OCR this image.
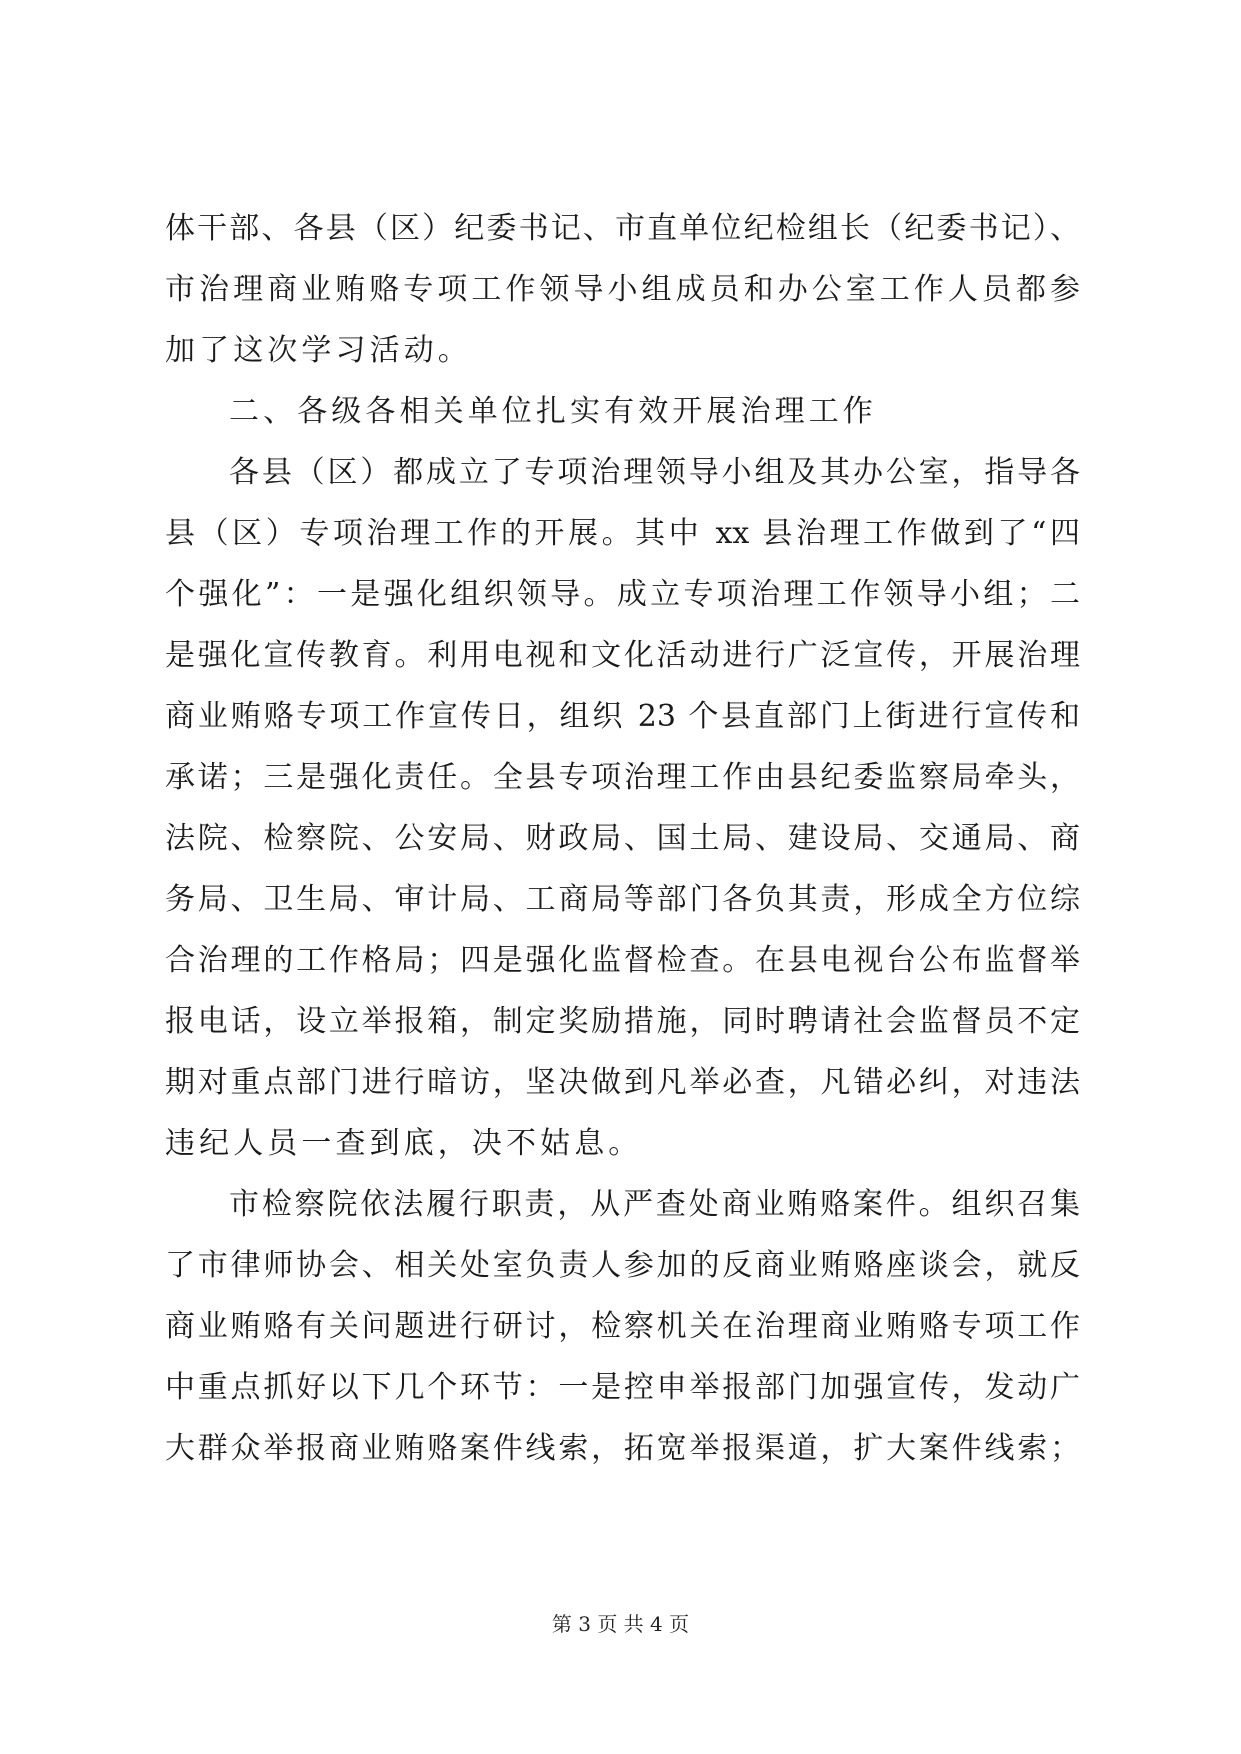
体干部、各县（区）纪委书记、市直单位纪检组长（纪委书记）、
市治理商业贿赂专项工作领导小组成员和办公室工作人员都参
加了这次学习活动。
二、各级各相关单位扎实有效开展治理工作
各县（区）都成立了专项治理领导小组及其办公室，指导各
县（区）专项治理工作的开展。其中 xx 县治理工作做到了“四
个强化”：一是强化组织领导。成立专项治理工作领导小组；二
是强化宣传教育。利用电视和文化活动进行广泛宣传，开展治理
商业贿赂专项工作宣传日，组织 23 个县直部门上街进行宣传和
承诺；三是强化责任。全县专项治理工作由县纪委监察局牵头，
法院、检察院、公安局、财政局、国土局、建设局、交通局、商
务局、卫生局、审计局、工商局等部门各负其责，形成全方位综
合治理的工作格局；四是强化监督检查。在县电视台公布监督举
报电话，设立举报箱，制定奖励措施，同时聘请社会监督员不定
期对重点部门进行暗访，坚决做到凡举必查，凡错必纠，对违法
违纪人员一查到底，决不姑息。
市检察院依法履行职责，从严查处商业贿赂案件。组织召集
了市律师协会、相关处室负责人参加的反商业贿赂座谈会，就反
商业贿赂有关问题进行研讨，检察机关在治理商业贿赂专项工作
中重点抓好以下几个环节：一是控申举报部门加强宣传，发动广
大群众举报商业贿赂案件线索，拓宽举报渠道，扩大案件线索；
第 3 页 共 4 页
